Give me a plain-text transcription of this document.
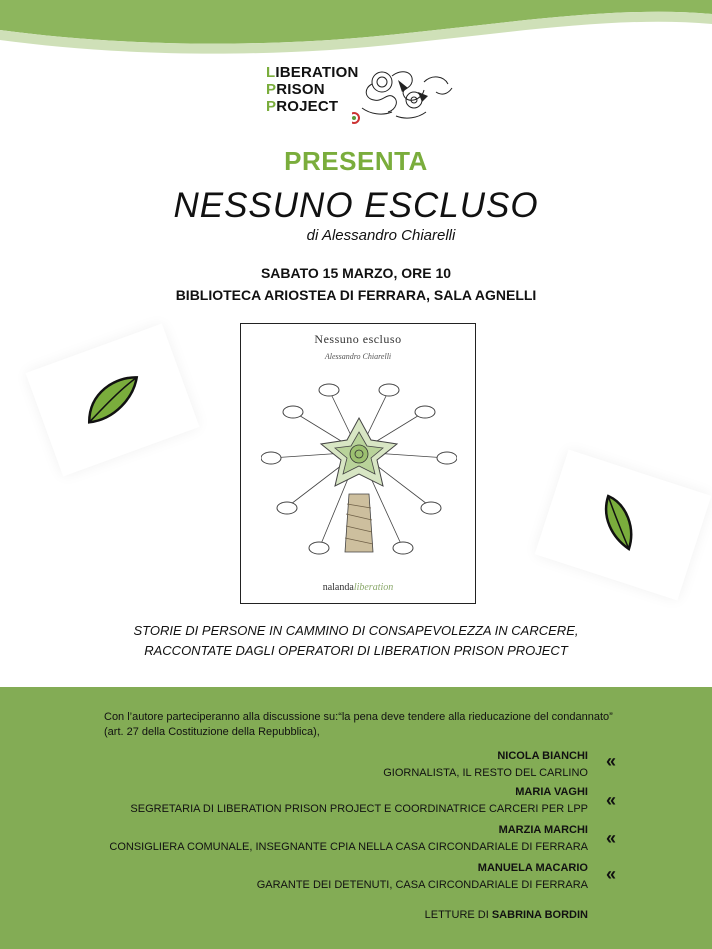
LIBERATION
PRISON
PROJECT
PRESENTA
NESSUNO ESCLUSO
di Alessandro Chiarelli
SABATO 15 MARZO, ORE 10
BIBLIOTECA ARIOSTEA DI FERRARA, SALA AGNELLI
Nessuno escluso
Alessandro Chiarelli
nalandaliberation
STORIE DI PERSONE IN CAMMINO DI CONSAPEVOLEZZA IN CARCERE,
RACCONTATE DAGLI OPERATORI DI LIBERATION PRISON PROJECT
Con l’autore parteciperanno alla discussione su:“la pena deve tendere alla rieducazione del condannato” (art. 27 della Costituzione della Repubblica),
NICOLA BIANCHI
GIORNALISTA, IL RESTO DEL CARLINO
«
MARIA VAGHI
SEGRETARIA DI LIBERATION PRISON PROJECT E COORDINATRICE CARCERI PER LPP «
MARZIA MARCHI
CONSIGLIERA COMUNALE, INSEGNANTE CPIA NELLA CASA CIRCONDARIALE DI FERRARA «
MANUELA MACARIO
GARANTE DEI DETENUTI, CASA CIRCONDARIALE DI FERRARA
«
LETTURE DI SABRINA BORDIN
